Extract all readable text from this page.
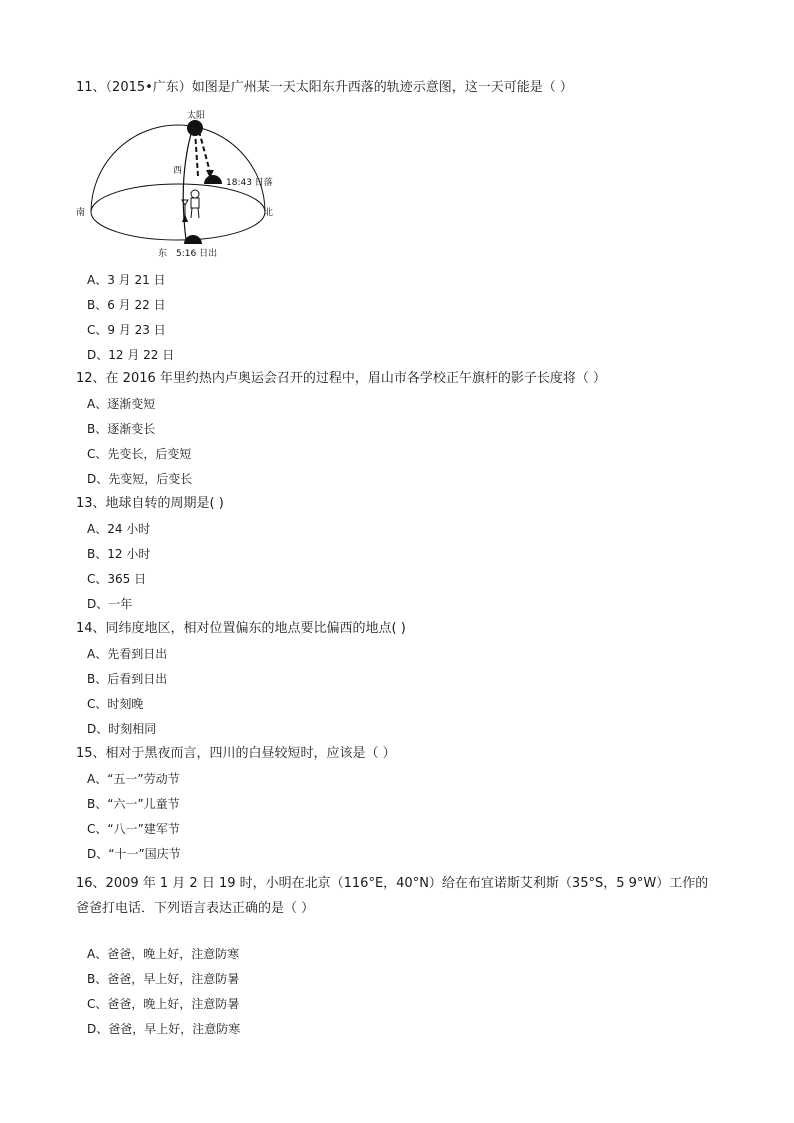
11、（2015•广东）如图是广州某一天太阳东升西落的轨迹示意图，这一天可能是（ ）
太阳
西
南	北
东
18:43 日落
5:16 日出
A、3 月 21 日
B、6 月 22 日
C、9 月 23 日
D、12 月 22 日
12、在 2016 年里约热内卢奥运会召开的过程中，眉山市各学校正午旗杆的影子长度将（ ）
A、逐渐变短
B、逐渐变长
C、先变长，后变短
D、先变短，后变长
13、地球自转的周期是( )
A、24 小时
B、12 小时
C、365 日
D、一年
14、同纬度地区，相对位置偏东的地点要比偏西的地点( )
A、先看到日出
B、后看到日出
C、时刻晚
D、时刻相同
15、相对于黑夜而言，四川的白昼较短时，应该是（ ）
A、“五一”劳动节
B、“六一”儿童节
C、“八一”建军节
D、“十一”国庆节
16、2009 年 1 月 2 日 19 时，小明在北京（116°E，40°N）给在布宜诺斯艾利斯（35°S，5 9°W）工作的爸爸打电话．下列语言表达正确的是（ ）
A、爸爸，晚上好，注意防寒
B、爸爸，早上好，注意防暑
C、爸爸，晚上好，注意防暑
D、爸爸，早上好，注意防寒
